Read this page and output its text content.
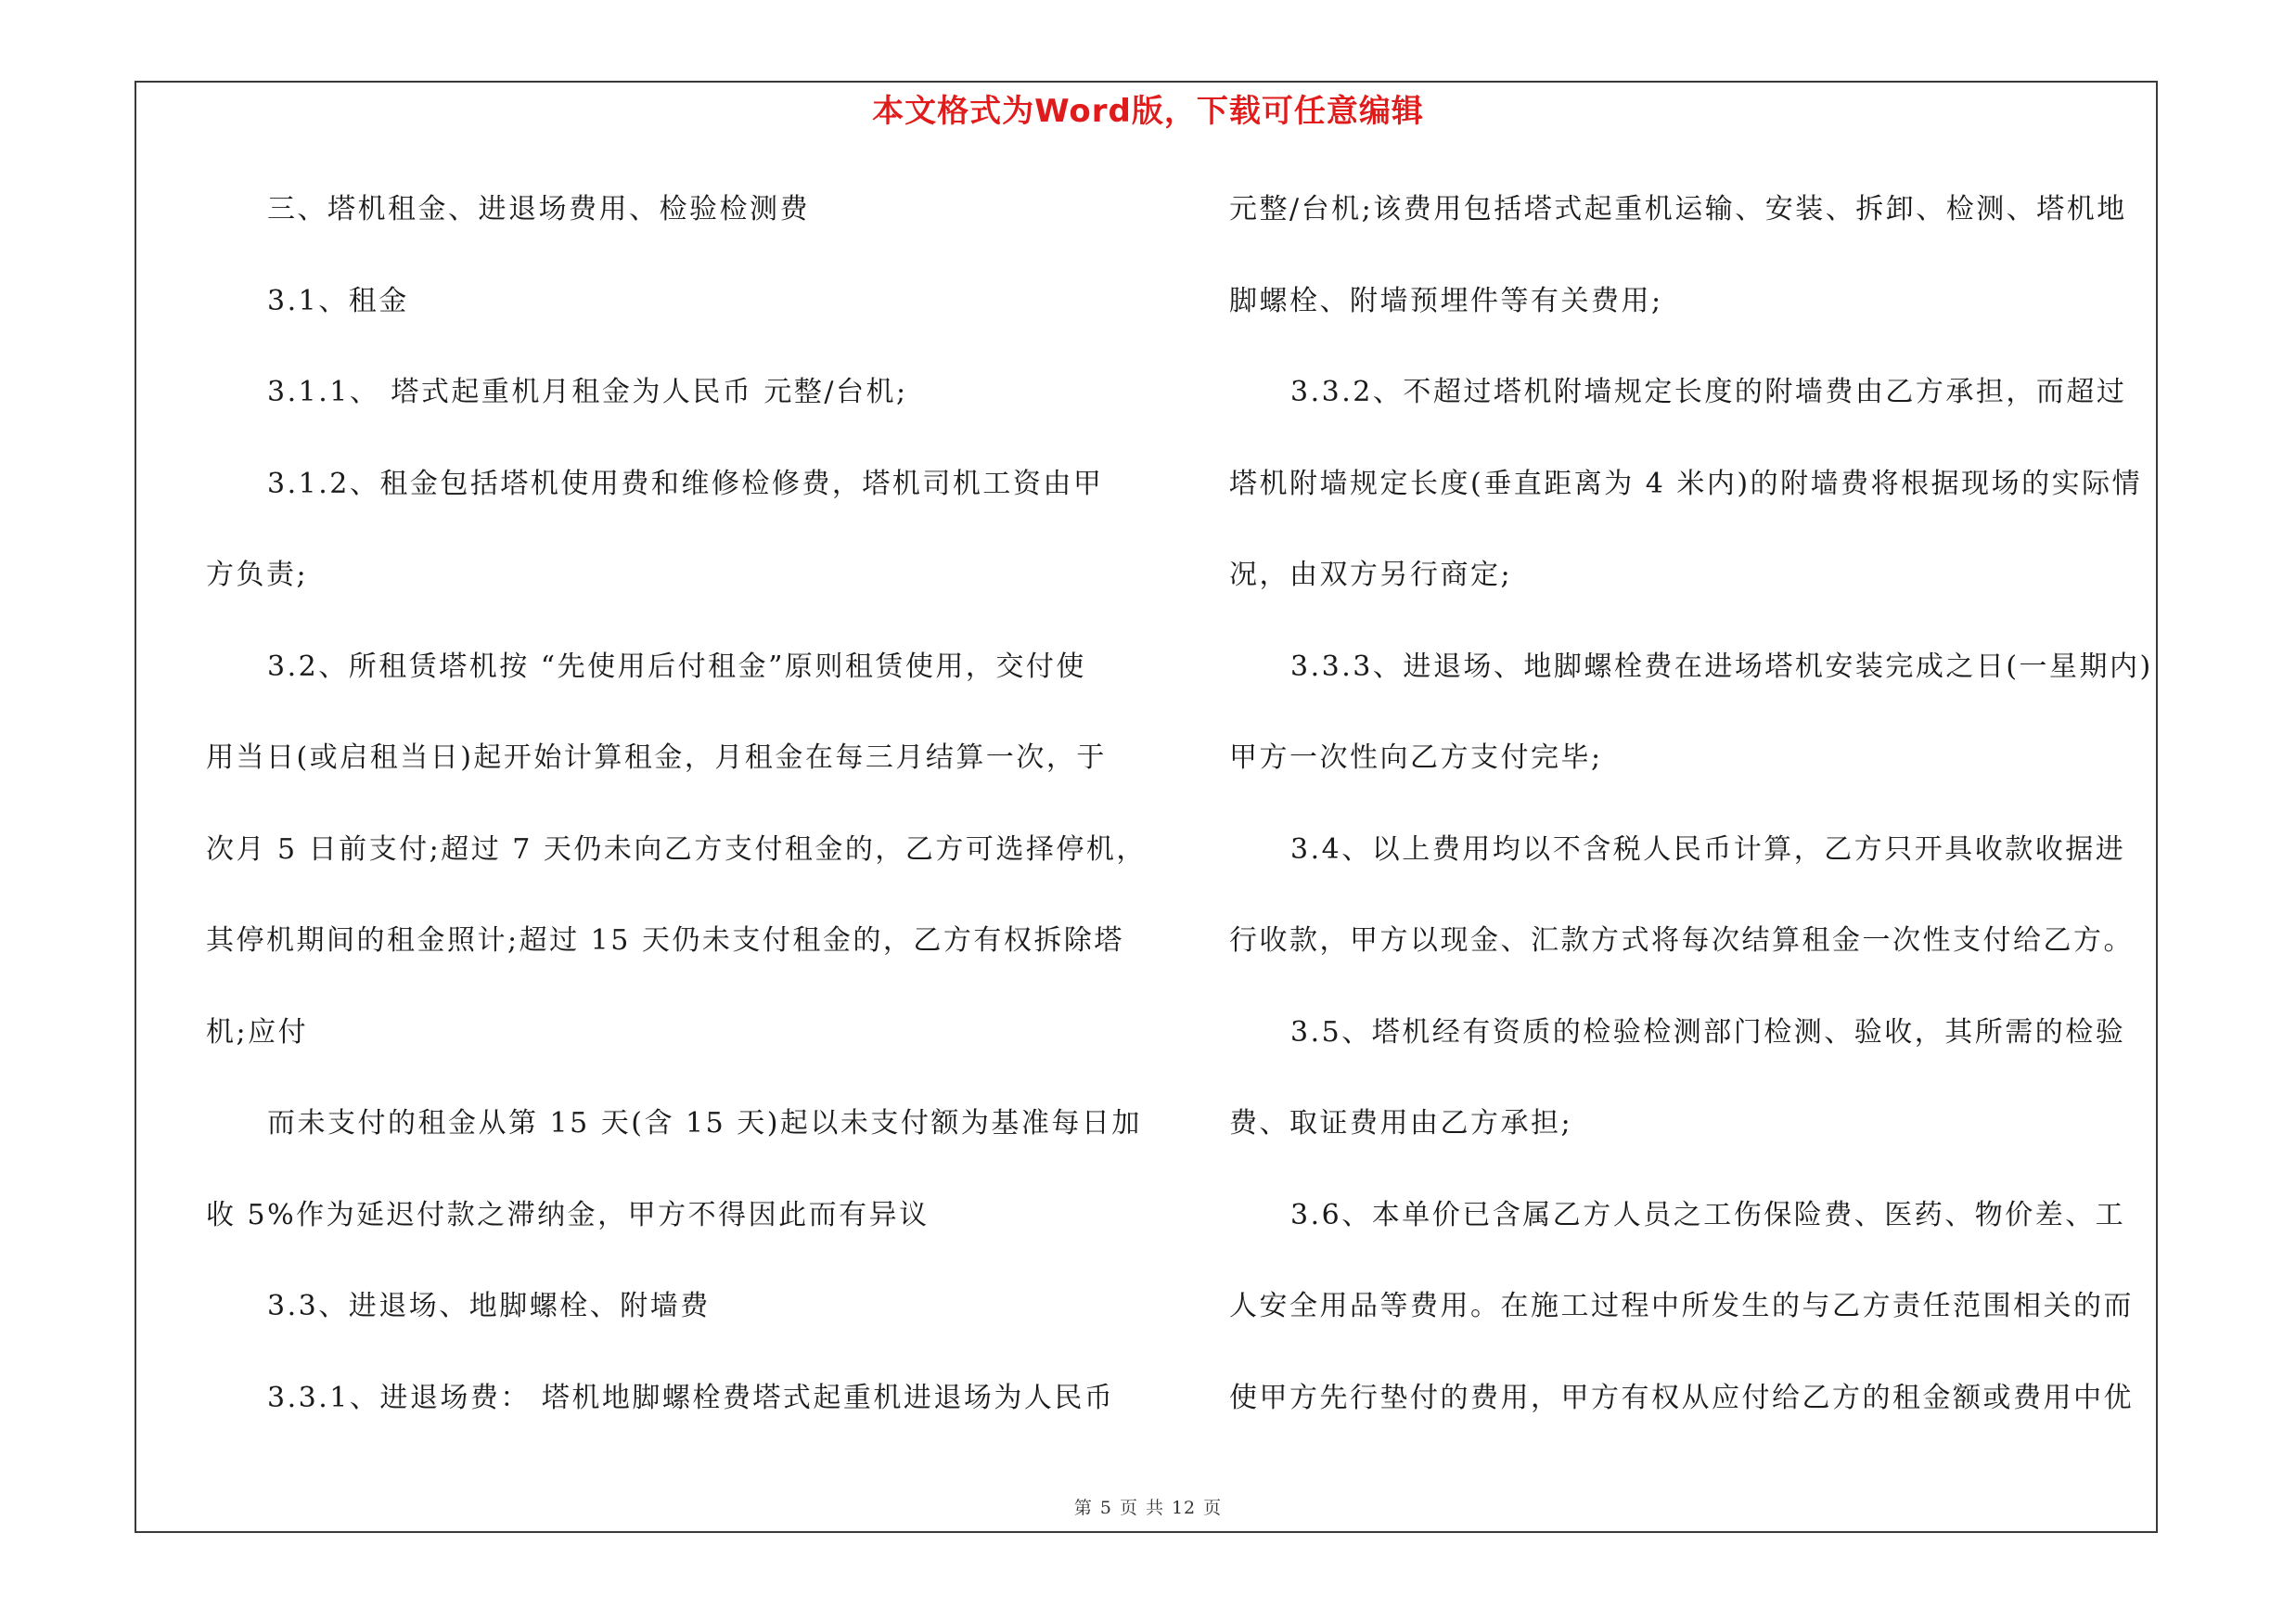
本文格式为Word版，下载可任意编辑
三、塔机租金、进退场费用、检验检测费
3.1、租金
3.1.1、 塔式起重机月租金为人民币 元整/台机;
3.1.2、租金包括塔机使用费和维修检修费，塔机司机工资由甲
方负责;
3.2、所租赁塔机按 “先使用后付租金”原则租赁使用，交付使
用当日(或启租当日)起开始计算租金，月租金在每三月结算一次，于
次月 5 日前支付;超过 7 天仍未向乙方支付租金的，乙方可选择停机，
其停机期间的租金照计;超过 15 天仍未支付租金的，乙方有权拆除塔
机;应付
而未支付的租金从第 15 天(含 15 天)起以未支付额为基准每日加
收 5%作为延迟付款之滞纳金，甲方不得因此而有异议
3.3、进退场、地脚螺栓、附墙费
3.3.1、进退场费： 塔机地脚螺栓费塔式起重机进退场为人民币
元整/台机;该费用包括塔式起重机运输、安装、拆卸、检测、塔机地
脚螺栓、附墙预埋件等有关费用;
3.3.2、不超过塔机附墙规定长度的附墙费由乙方承担，而超过
塔机附墙规定长度(垂直距离为 4 米内)的附墙费将根据现场的实际情
况，由双方另行商定;
3.3.3、进退场、地脚螺栓费在进场塔机安装完成之日(一星期内)
甲方一次性向乙方支付完毕;
3.4、以上费用均以不含税人民币计算，乙方只开具收款收据进
行收款，甲方以现金、汇款方式将每次结算租金一次性支付给乙方。
3.5、塔机经有资质的检验检测部门检测、验收，其所需的检验
费、取证费用由乙方承担;
3.6、本单价已含属乙方人员之工伤保险费、医药、物价差、工
人安全用品等费用。在施工过程中所发生的与乙方责任范围相关的而
使甲方先行垫付的费用，甲方有权从应付给乙方的租金额或费用中优
第 5 页 共 12 页
